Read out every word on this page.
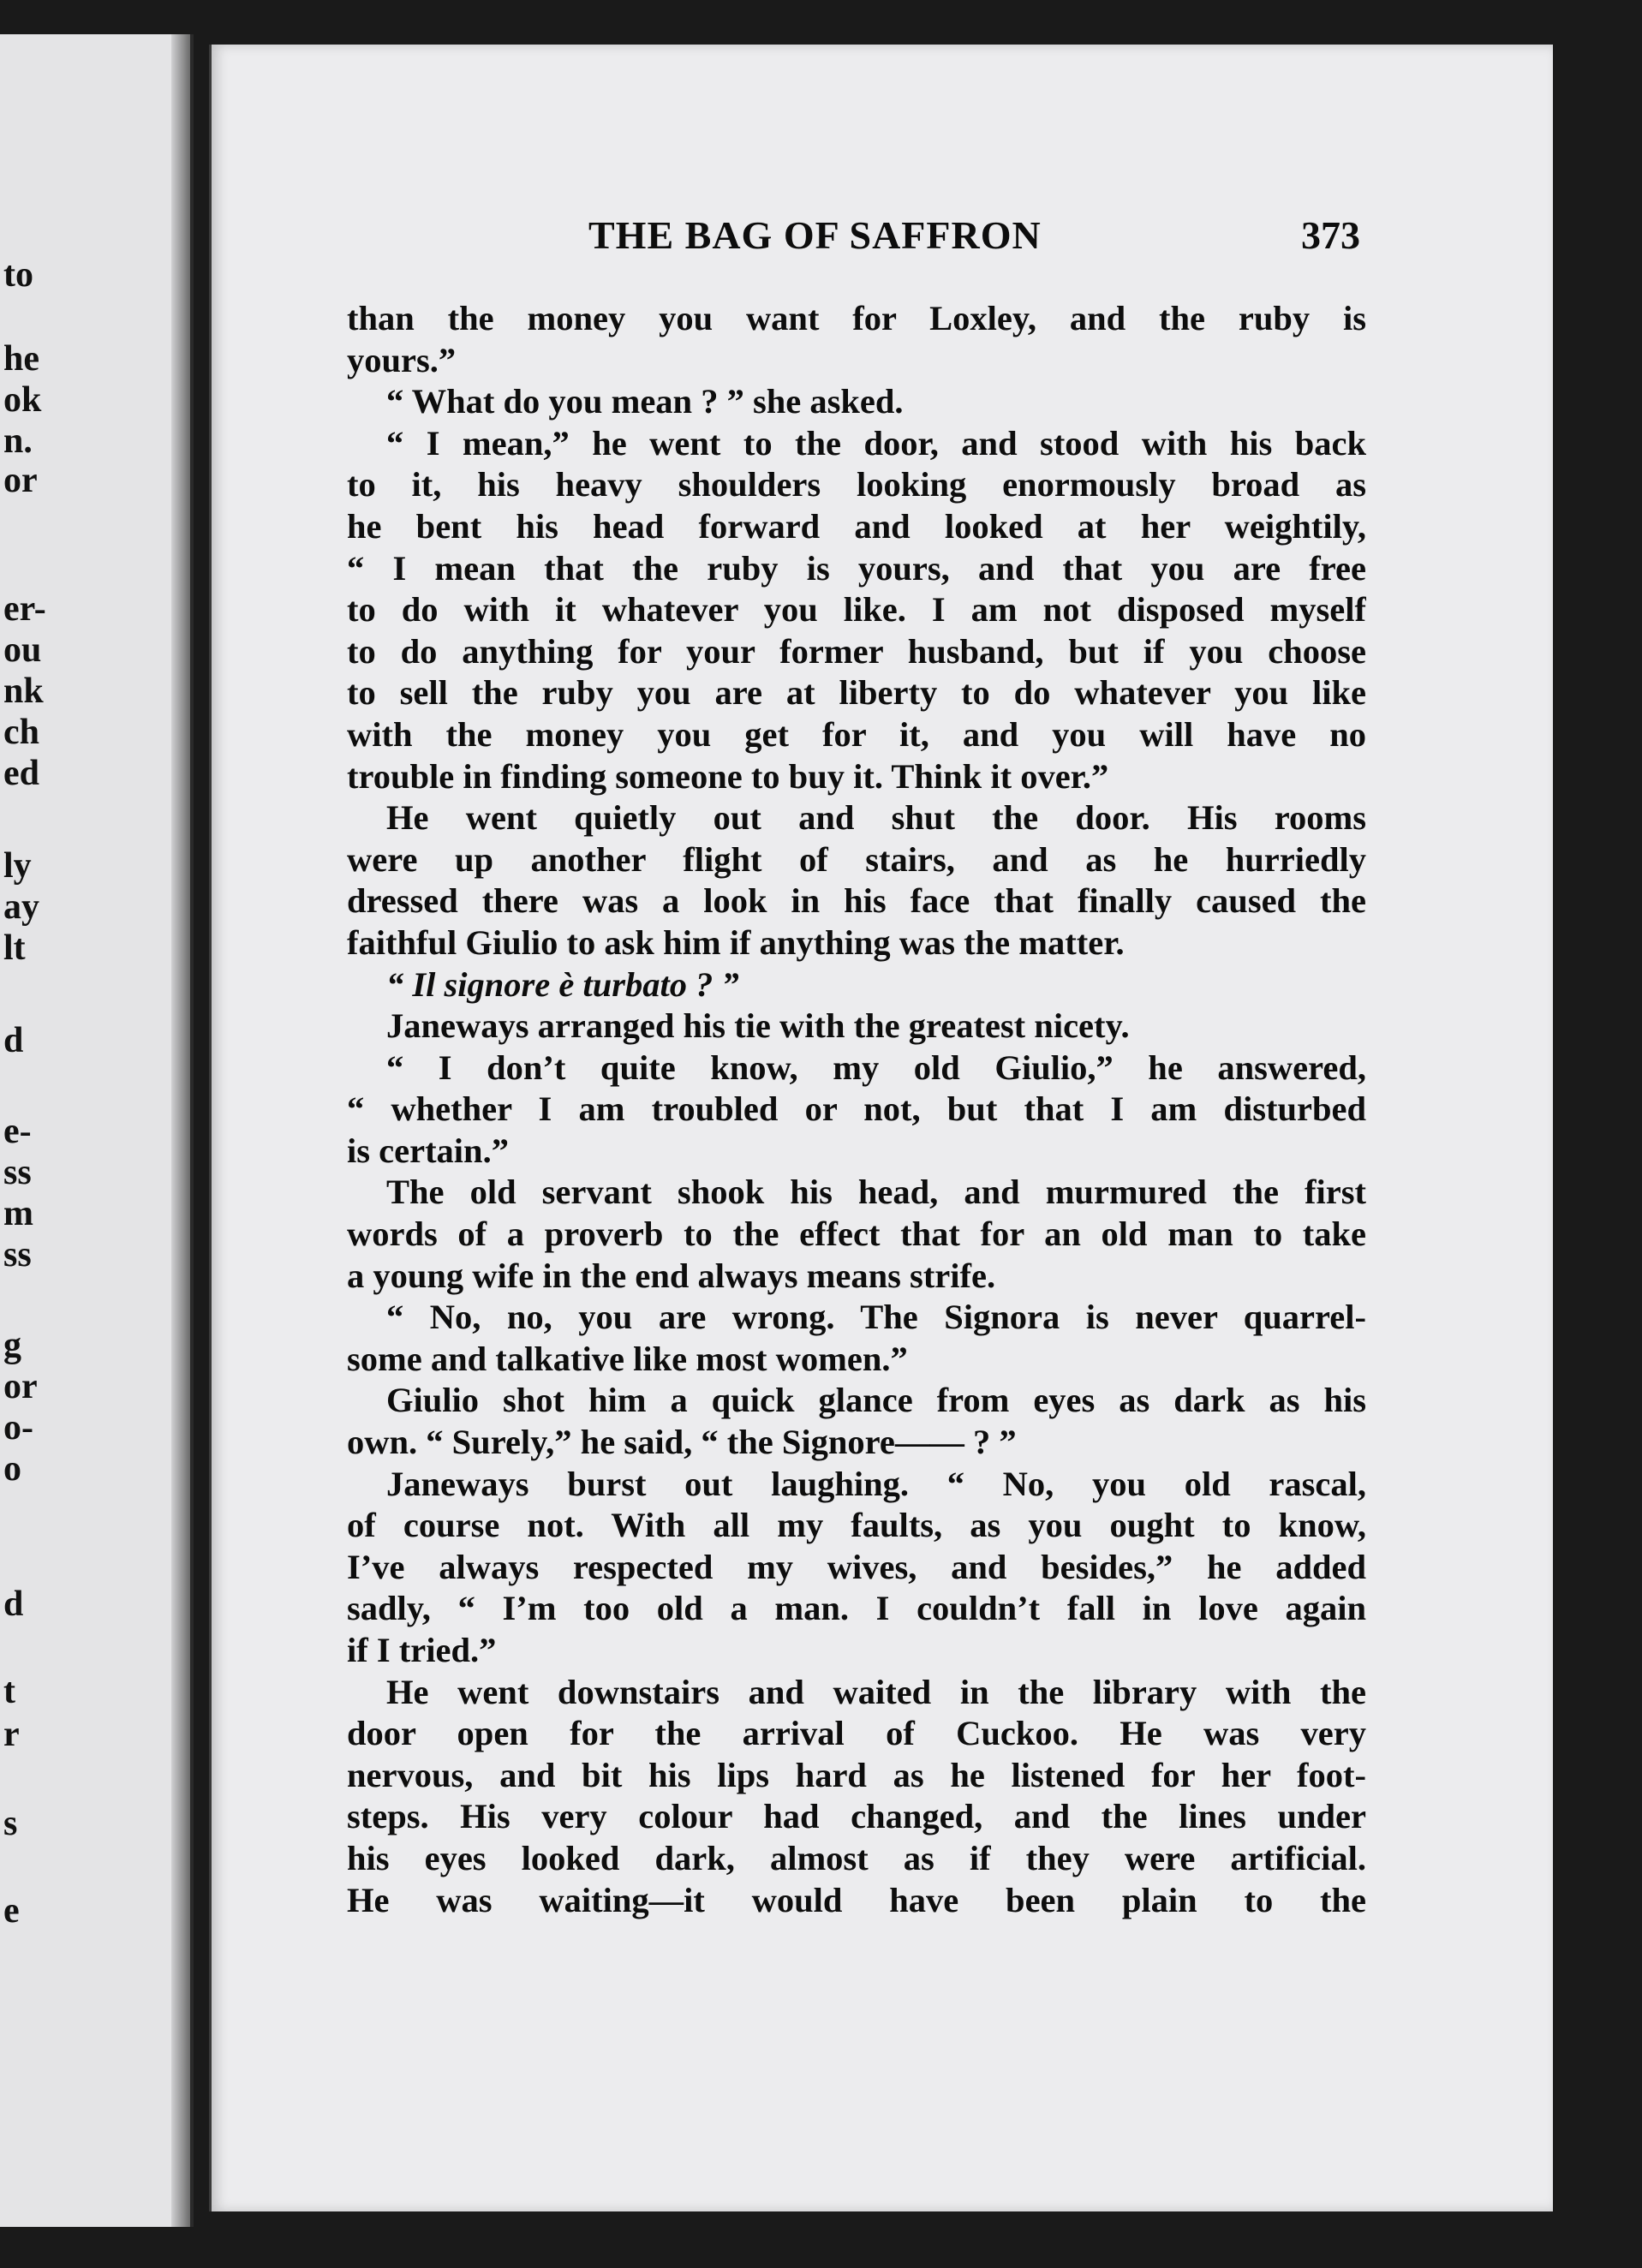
to
he
ok
n.
or
er-
ou
nk
ch
ed
ly
ay
lt
d
e-
ss
m
ss
g
or
o-
o
d
t
r
s
e
THE BAG OF SAFFRON	373
than the money you want for Loxley, and the ruby is
yours.”
“ What do you mean ? ” she asked.
“ I mean,” he went to the door, and stood with his back
to it, his heavy shoulders looking enormously broad as
he bent his head forward and looked at her weightily,
“ I mean that the ruby is yours, and that you are free
to do with it whatever you like. I am not disposed myself
to do anything for your former husband, but if you choose
to sell the ruby you are at liberty to do whatever you like
with the money you get for it, and you will have no
trouble in finding someone to buy it. Think it over.”
He went quietly out and shut the door. His rooms
were up another flight of stairs, and as he hurriedly
dressed there was a look in his face that finally caused the
faithful Giulio to ask him if anything was the matter.
“ Il signore è turbato ? ”
Janeways arranged his tie with the greatest nicety.
“ I don’t quite know, my old Giulio,” he answered,
“ whether I am troubled or not, but that I am disturbed
is certain.”
The old servant shook his head, and murmured the first
words of a proverb to the effect that for an old man to take
a young wife in the end always means strife.
“ No, no, you are wrong. The Signora is never quarrel-
some and talkative like most women.”
Giulio shot him a quick glance from eyes as dark as his
own. “ Surely,” he said, “ the Signore—— ? ”
Janeways burst out laughing. “ No, you old rascal,
of course not. With all my faults, as you ought to know,
I’ve always respected my wives, and besides,” he added
sadly, “ I’m too old a man. I couldn’t fall in love again
if I tried.”
He went downstairs and waited in the library with the
door open for the arrival of Cuckoo. He was very
nervous, and bit his lips hard as he listened for her foot-
steps. His very colour had changed, and the lines under
his eyes looked dark, almost as if they were artificial.
He was waiting—it would have been plain to the
